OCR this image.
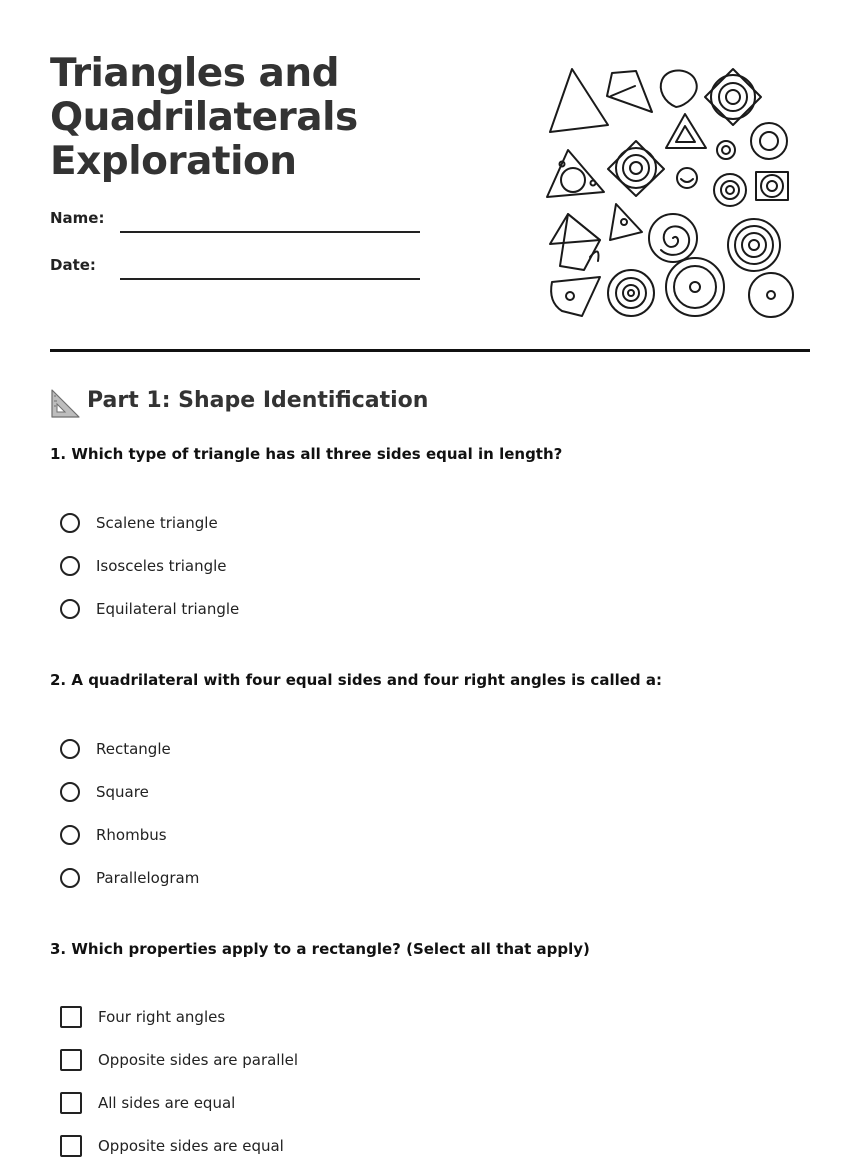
Triangles and
Quadrilaterals
Exploration
Name:
Date:
Part 1: Shape Identification

1. Which type of triangle has all three sides equal in length?

Scalene triangle
Isosceles triangle
Equilateral triangle

2. A quadrilateral with four equal sides and four right angles is called a:

Rectangle
Square
Rhombus
Parallelogram

3. Which properties apply to a rectangle? (Select all that apply)

Four right angles
Opposite sides are parallel
All sides are equal
Opposite sides are equal
